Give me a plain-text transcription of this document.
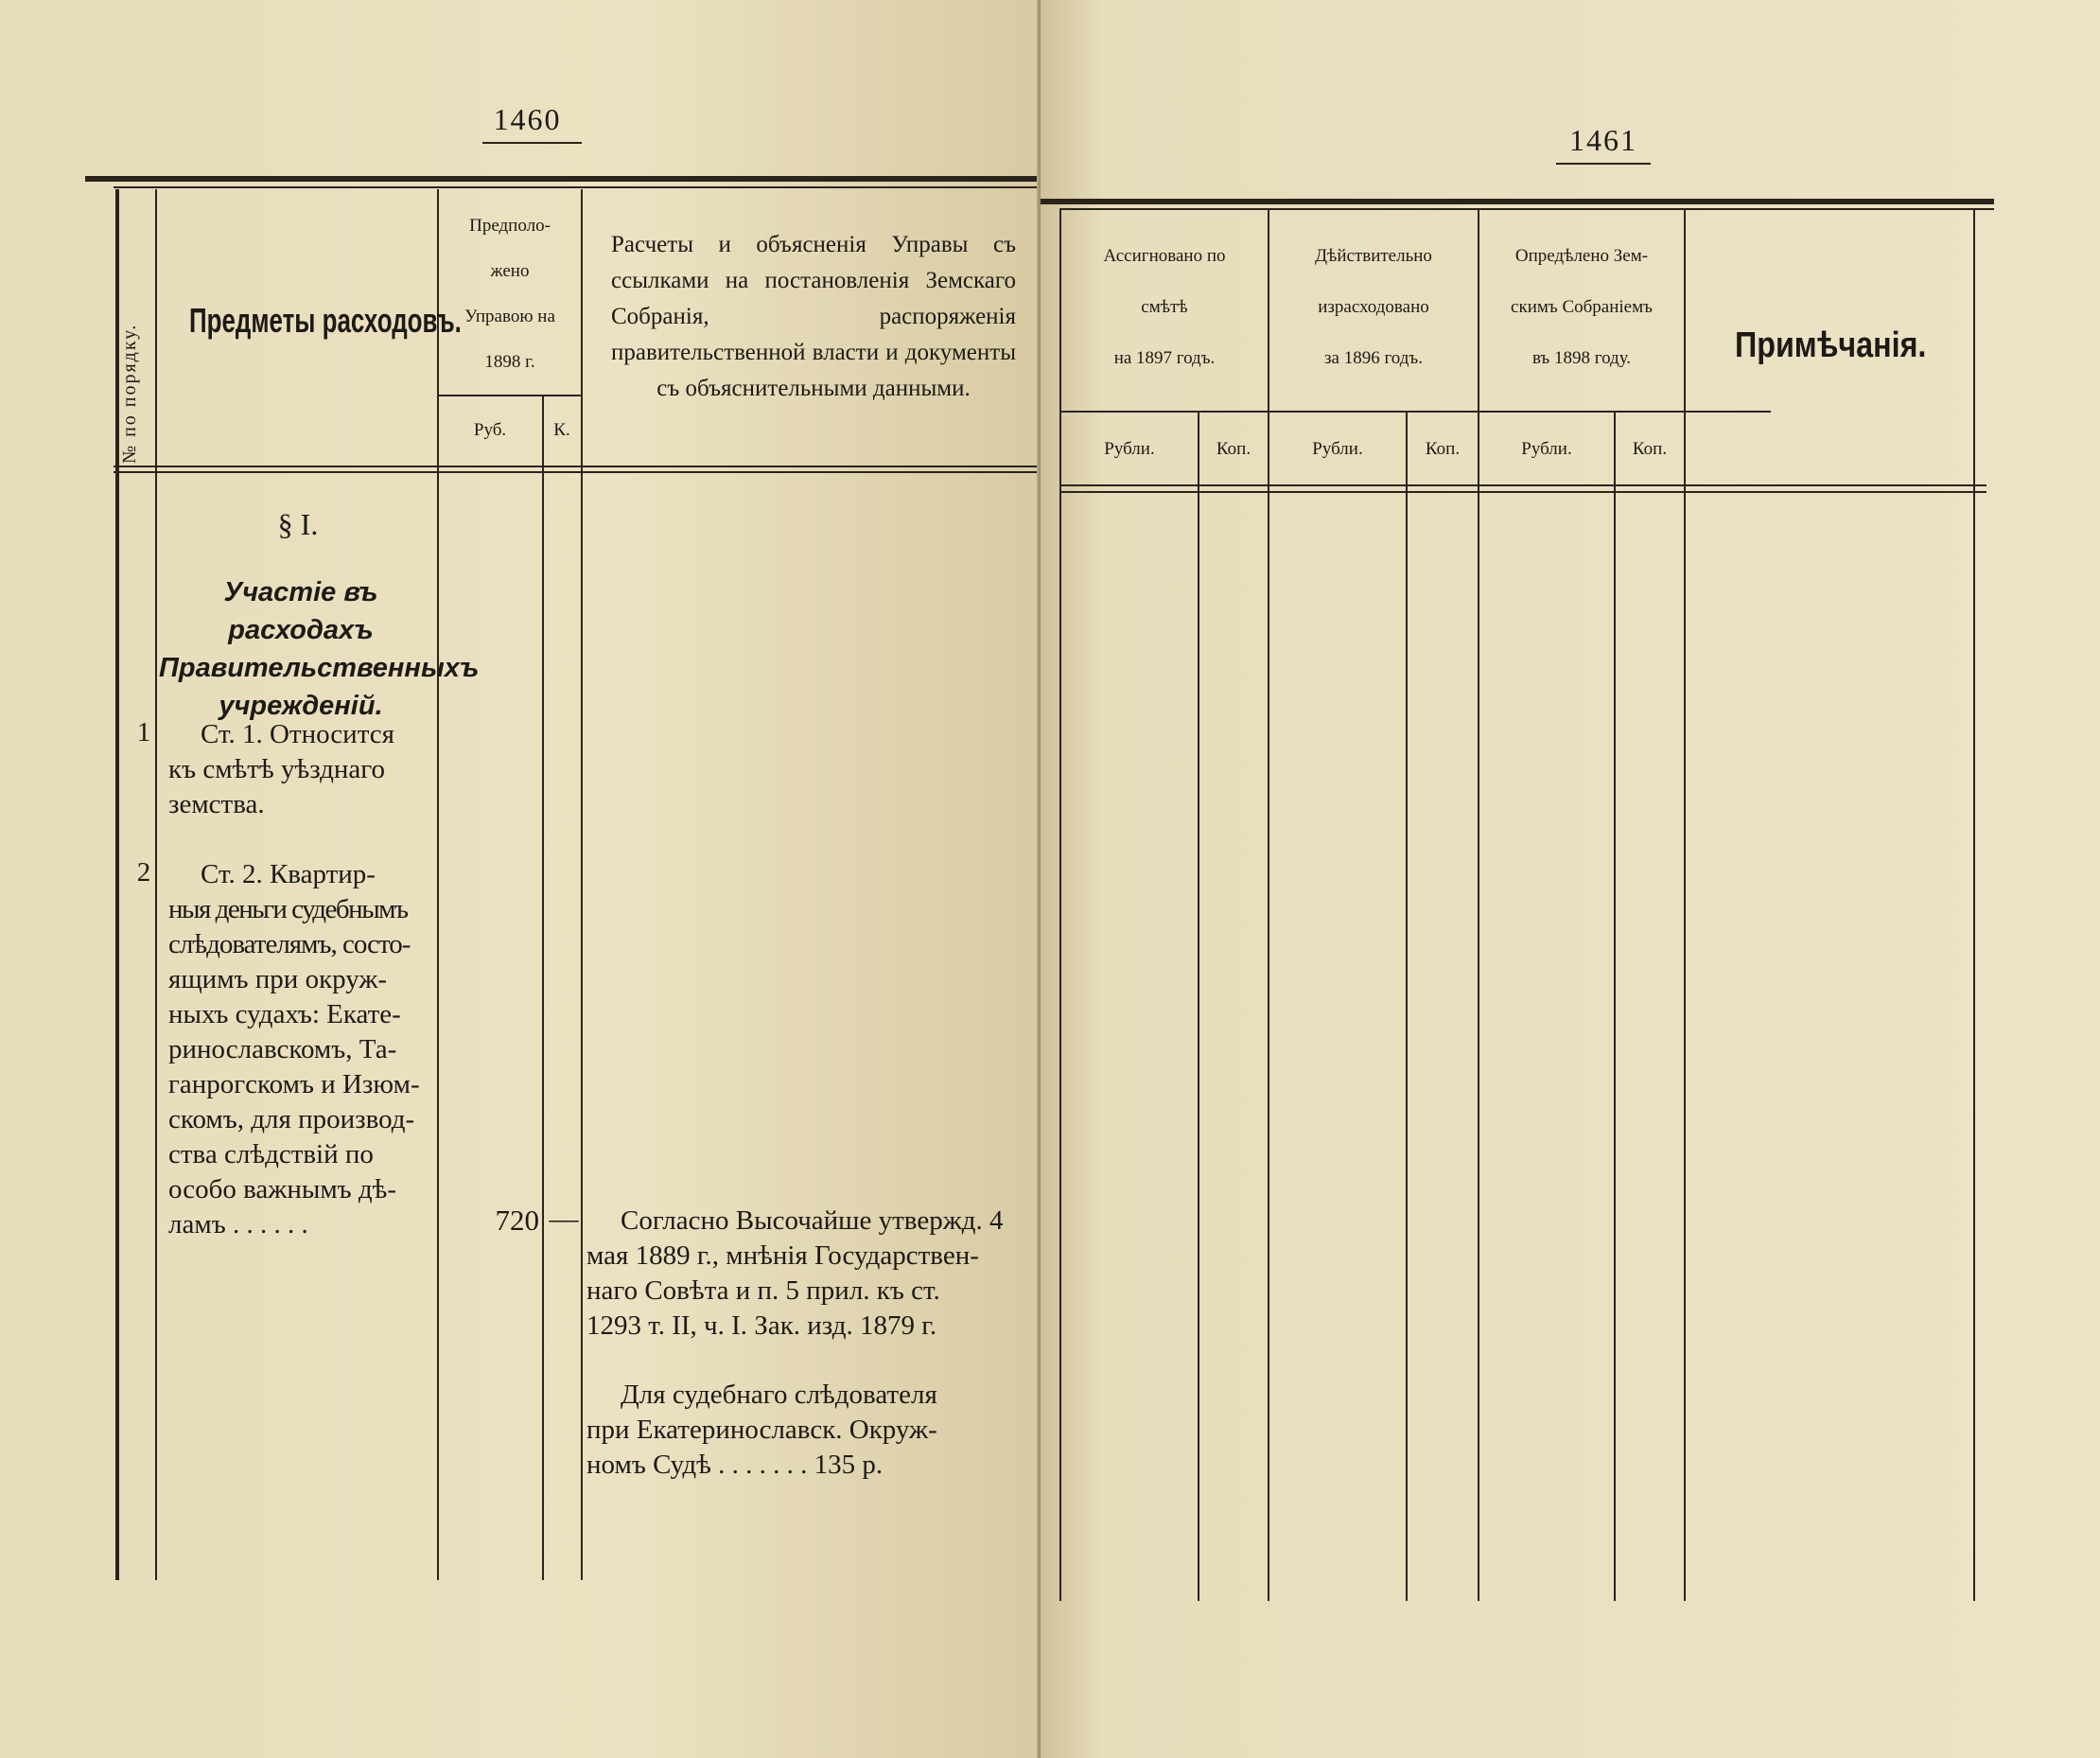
1460
№ по порядку.
Предметы расходовъ.
Предполо-
жено
Управою на
1898 г.
Руб.	К.
Расчеты и объясненія Управы съ ссылками на постановленія Земскаго Собранія, распоряженія правительственной власти и документы съ объяснительными данными.
§ I.
Участіе въ расходахъ
Правительственныхъ
учрежденій.
1	Ст. 1. Относится
къ смѣтѣ уѣзднаго
земства.
2	Ст. 2. Квартир-
ныя деньги судебнымъ
слѣдователямъ, состо-
ящимъ при окруж-
ныхъ судахъ: Екате-
ринославскомъ, Та-
ганрогскомъ и Изюм-
скомъ, для производ-
ства слѣдствій по
особо важнымъ дѣ-
ламъ . . . . . .	720 —	Согласно Высочайше утвержд. 4
мая 1889 г., мнѣнія Государствен-
наго Совѣта и п. 5 прил. къ ст.
1293 т. II, ч. I. Зак. изд. 1879 г.
Для судебнаго слѣдователя
при Екатеринославск. Окруж-
номъ Судѣ . . . . . . . 135 р.
1461
Ассигновано по
смѣтѣ
на 1897 годъ.
Дѣйствительно
израсходовано
за 1896 годъ.
Опредѣлено Зем-
скимъ Собраніемъ
въ 1898 году.	Примѣчанія.
Рубли.	Коп.	Рубли.	Коп.	Рубли.	Коп.
